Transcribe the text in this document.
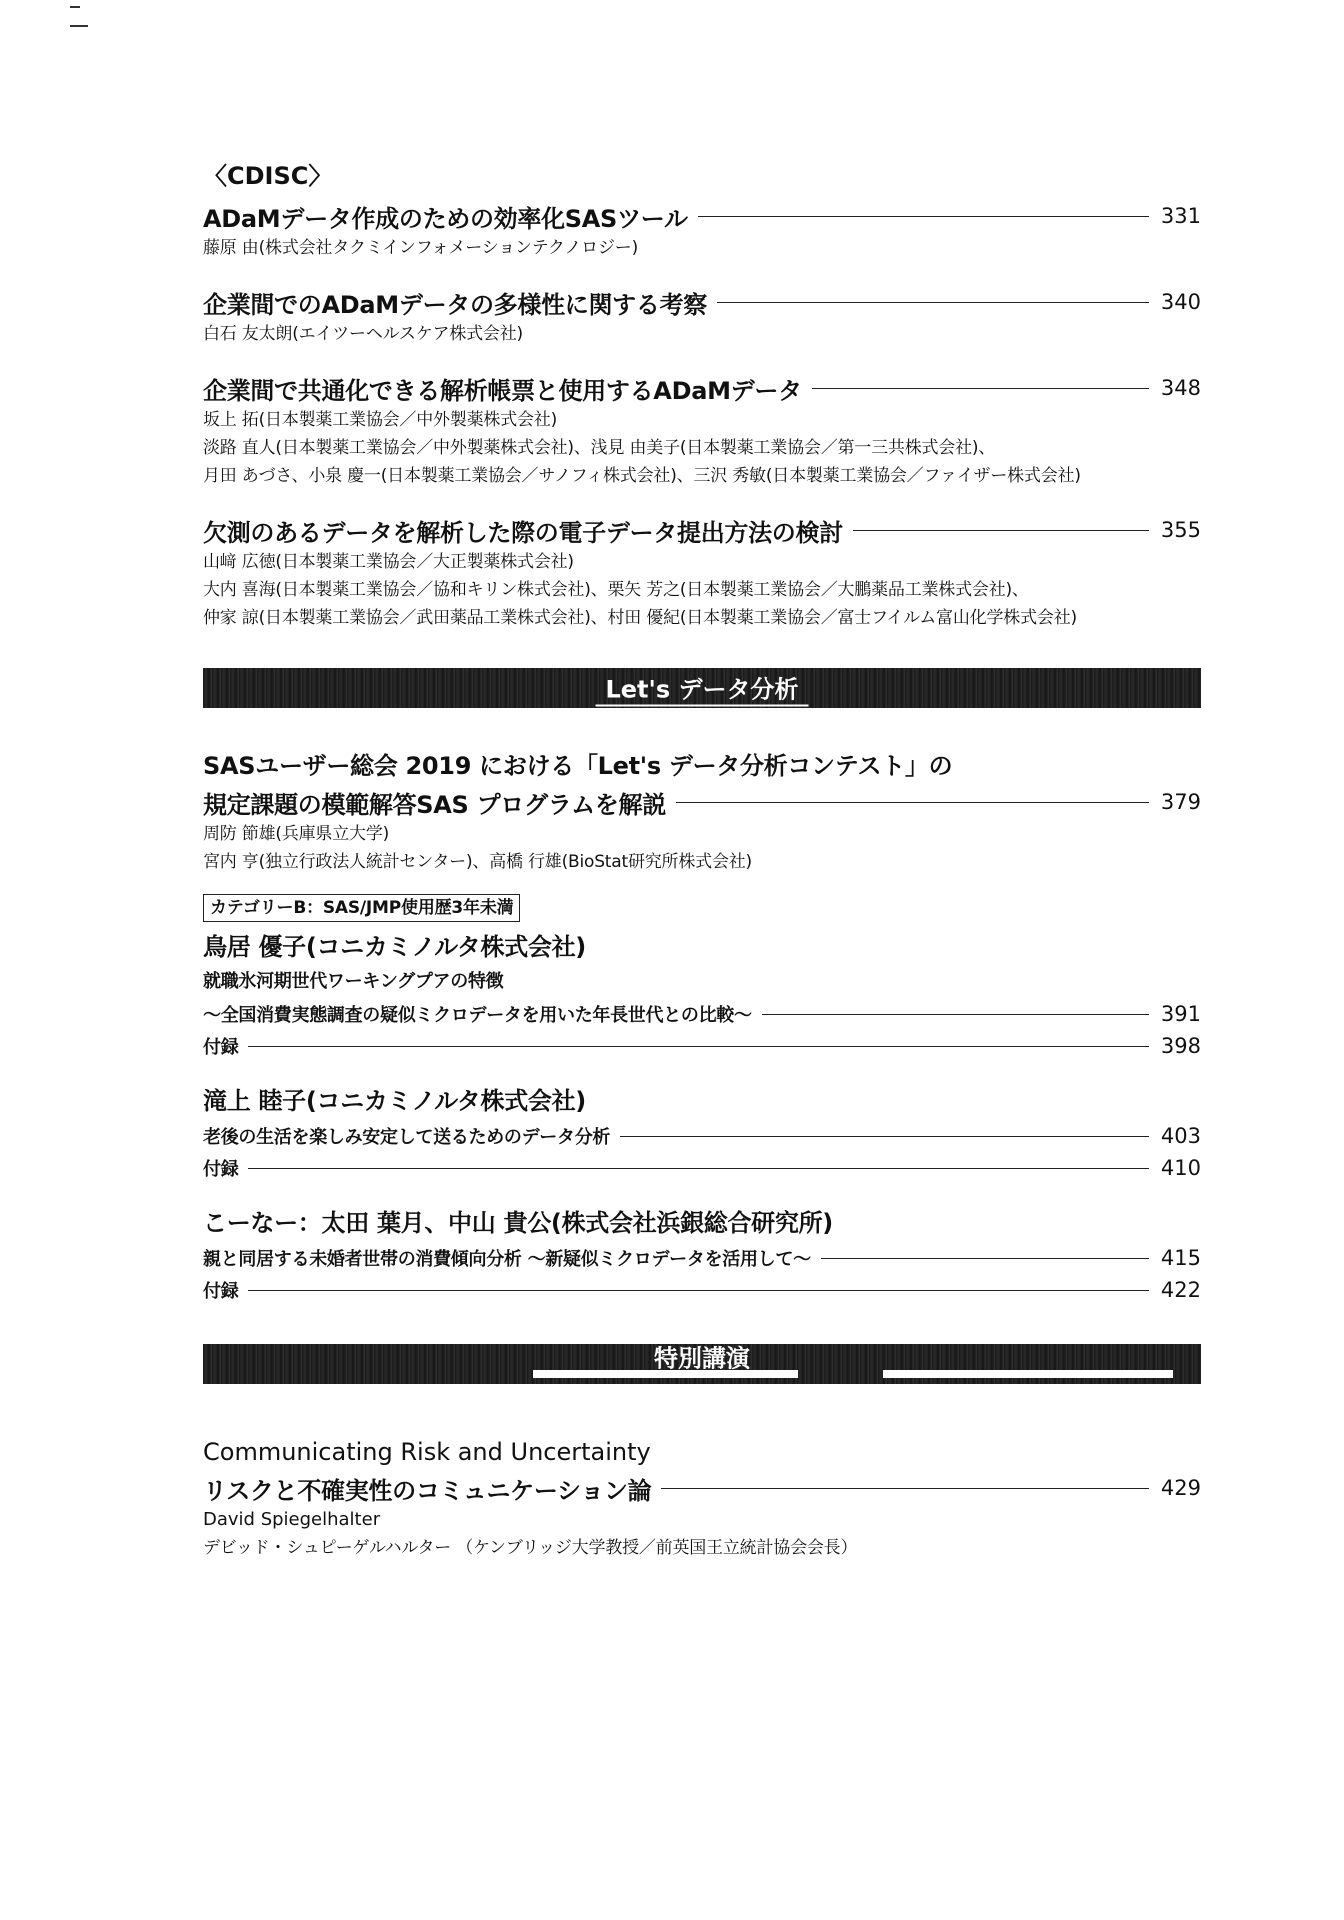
〈CDISC〉
ADaMデータ作成のための効率化SASツール	331
藤原 由(株式会社タクミインフォメーションテクノロジー)
企業間でのADaMデータの多様性に関する考察	340
白石 友太朗(エイツーヘルスケア株式会社)
企業間で共通化できる解析帳票と使用するADaMデータ	348
坂上 拓(日本製薬工業協会／中外製薬株式会社)
淡路 直人(日本製薬工業協会／中外製薬株式会社)、浅見 由美子(日本製薬工業協会／第一三共株式会社)、
月田 あづさ、小泉 慶一(日本製薬工業協会／サノフィ株式会社)、三沢 秀敏(日本製薬工業協会／ファイザー株式会社)
欠測のあるデータを解析した際の電子データ提出方法の検討	355
山﨑 広徳(日本製薬工業協会／大正製薬株式会社)
大内 喜海(日本製薬工業協会／協和キリン株式会社)、栗矢 芳之(日本製薬工業協会／大鵬薬品工業株式会社)、
仲家 諒(日本製薬工業協会／武田薬品工業株式会社)、村田 優紀(日本製薬工業協会／富士フイルム富山化学株式会社)
Let's データ分析
SASユーザー総会 2019 における「Let's データ分析コンテスト」の
規定課題の模範解答SAS プログラムを解説	379
周防 節雄(兵庫県立大学)
宮内 亨(独立行政法人統計センター)、高橋 行雄(BioStat研究所株式会社)
カテゴリーB：SAS/JMP使用歴3年未満
鳥居 優子(コニカミノルタ株式会社)
就職氷河期世代ワーキングプアの特徴
～全国消費実態調査の疑似ミクロデータを用いた年長世代との比較～	391
付録	398
滝上 睦子(コニカミノルタ株式会社)
老後の生活を楽しみ安定して送るためのデータ分析	403
付録	410
こーなー：太田 葉月、中山 貴公(株式会社浜銀総合研究所)
親と同居する未婚者世帯の消費傾向分析 ～新疑似ミクロデータを活用して～	415
付録	422
特別講演
Communicating Risk and Uncertainty
リスクと不確実性のコミュニケーション論	429
David Spiegelhalter
デビッド・シュピーゲルハルター （ケンブリッジ大学教授／前英国王立統計協会会長）
